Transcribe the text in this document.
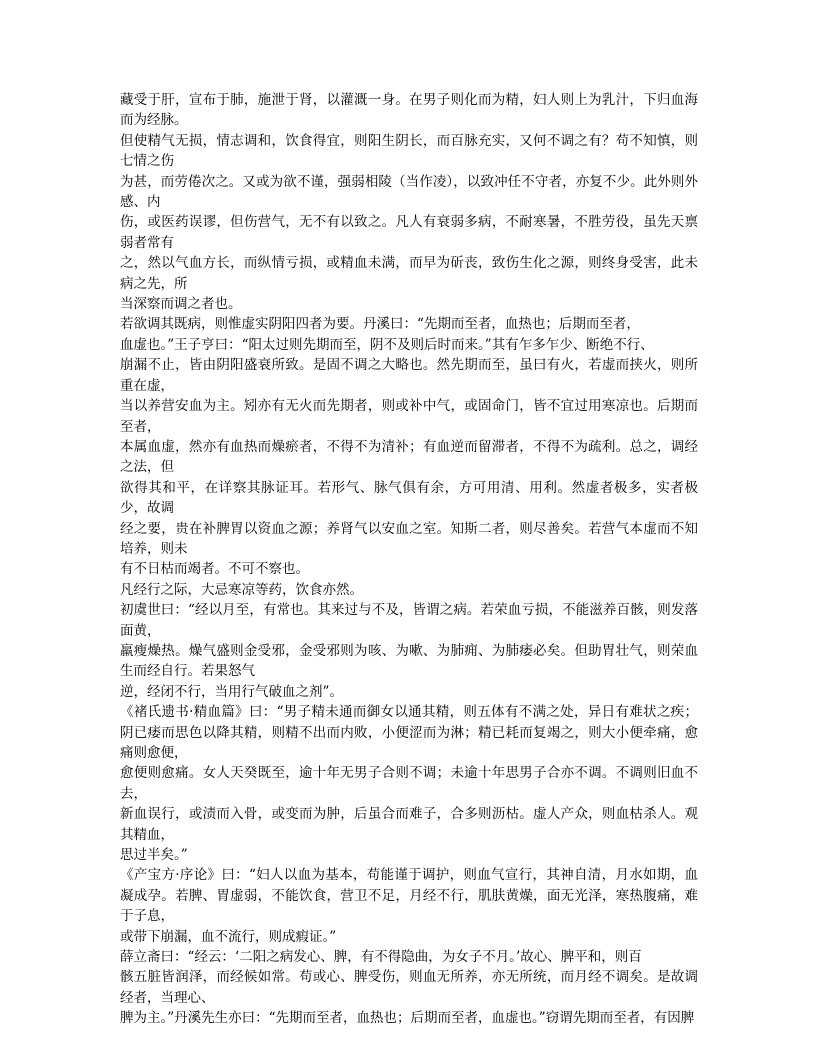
藏受于肝，宣布于肺，施泄于肾，以灌溉一身。在男子则化而为精，妇人则上为乳汁，下归血海而为经脉。

但使精气无损，情志调和，饮食得宜，则阳生阴长，而百脉充实，又何不调之有？苟不知慎，则七情之伤

为甚，而劳倦次之。又或为欲不谨，强弱相陵（当作凌），以致冲任不守者，亦复不少。此外则外感、内

伤，或医药误谬，但伤营气，无不有以致之。凡人有衰弱多病，不耐寒暑，不胜劳役，虽先天禀弱者常有

之，然以气血方长，而纵情亏损，或精血未满，而早为斫丧，致伤生化之源，则终身受害，此未病之先，所

当深察而调之者也。

若欲调其既病，则惟虚实阴阳四者为要。丹溪曰：“先期而至者，血热也；后期而至者，

血虚也。”王子亨曰：“阳太过则先期而至，阴不及则后时而来。”其有乍多乍少、断绝不行、

崩漏不止，皆由阴阳盛衰所致。是固不调之大略也。然先期而至，虽曰有火，若虚而挟火，则所重在虚，

当以养营安血为主。矧亦有无火而先期者，则或补中气，或固命门，皆不宜过用寒凉也。后期而至者，

本属血虚，然亦有血热而燥瘀者，不得不为清补；有血逆而留滞者，不得不为疏利。总之，调经之法，但

欲得其和平，在详察其脉证耳。若形气、脉气俱有余，方可用清、用利。然虚者极多，实者极少，故调

经之要，贵在补脾胃以资血之源；养肾气以安血之室。知斯二者，则尽善矣。若营气本虚而不知培养，则未

有不日枯而竭者。不可不察也。

凡经行之际，大忌寒凉等药，饮食亦然。

初虞世曰：“经以月至，有常也。其来过与不及，皆谓之病。若荣血亏损，不能滋养百骸，则发落面黄，

羸瘦燥热。燥气盛则金受邪，金受邪则为咳、为嗽、为肺痈、为肺痿必矣。但助胃壮气，则荣血生而经自行。若果怒气

逆，经闭不行，当用行气破血之剂”。

《褚氏遗书·精血篇》曰：“男子精未通而御女以通其精，则五体有不满之处，异日有难状之疾；阴已痿而思色以降其精，则精不出而内败，小便涩而为淋；精已耗而复竭之，则大小便牵痛，愈痛则愈便，

愈便则愈痛。女人天癸既至，逾十年无男子合则不调；未逾十年思男子合亦不调。不调则旧血不去，

新血误行，或渍而入骨，或变而为肿，后虽合而难子，合多则沥枯。虚人产众，则血枯杀人。观其精血，

思过半矣。”

《产宝方·序论》曰：“妇人以血为基本，苟能谨于调护，则血气宣行，其神自清，月水如期，血凝成孕。若脾、胃虚弱，不能饮食，营卫不足，月经不行，肌肤黄燥，面无光泽，寒热腹痛，难于子息，

或带下崩漏，血不流行，则成瘕证。”

薛立斋曰：“经云：‘二阳之病发心、脾，有不得隐曲，为女子不月。’故心、脾平和，则百

骸五脏皆润泽，而经候如常。苟或心、脾受伤，则血无所养，亦无所统，而月经不调矣。是故调经者，当理心、

脾为主。”丹溪先生亦曰：“先期而至者，血热也；后期而至者，血虚也。”窃谓先期而至者，有因脾
